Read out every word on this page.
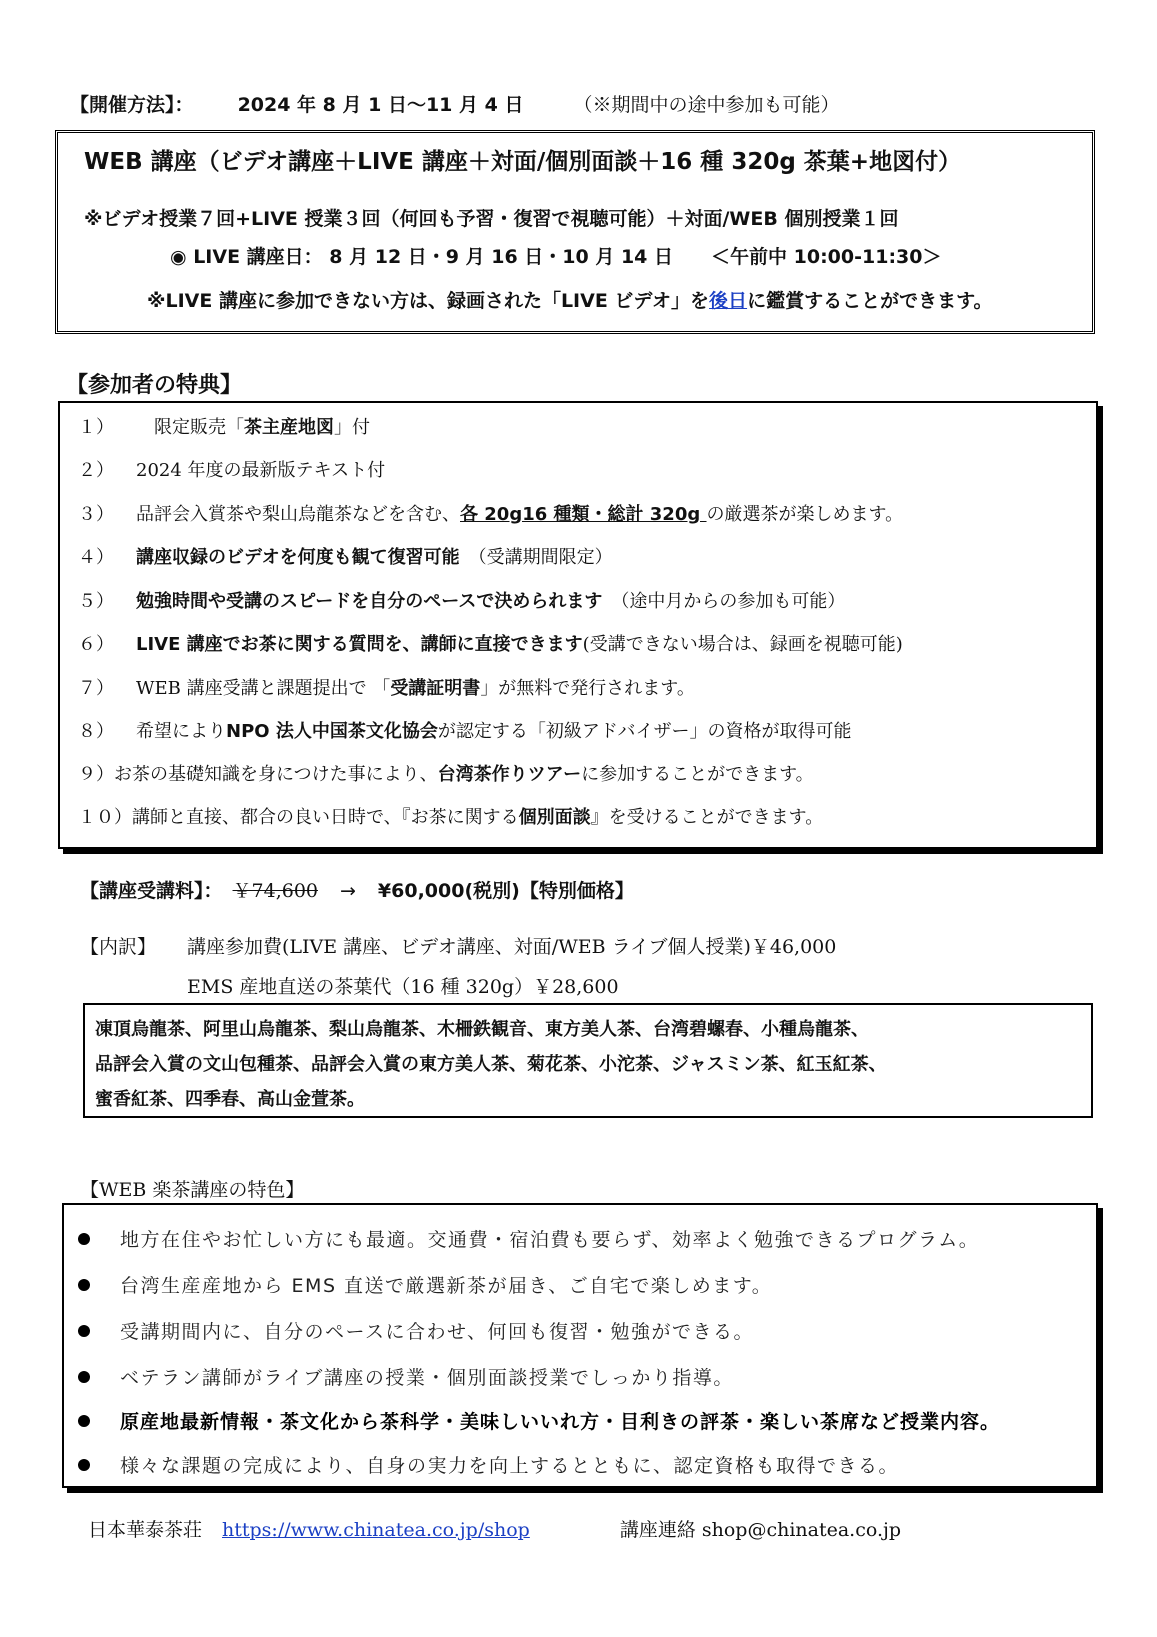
【開催方法】： 2024 年 8 月 1 日～11 月 4 日	（※期間中の途中参加も可能）
WEB 講座（ビデオ講座＋LIVE 講座＋対面/個別面談＋16 種 320g 茶葉+地図付）
※ビデオ授業７回+LIVE 授業３回（何回も予習・復習で視聴可能）＋対面/WEB 個別授業１回
◉ LIVE 講座日： 8 月 12 日・9 月 16 日・10 月 14 日　　＜午前中 10:00-11:30＞
※LIVE 講座に参加できない方は、録画された「LIVE ビデオ」を後日に鑑賞することができます。
【参加者の特典】
１）　限定販売「茶主産地図」付
２） 2024 年度の最新版テキスト付
３） 品評会入賞茶や梨山烏龍茶などを含む、各 20g16 種類・総計 320g の厳選茶が楽しめます。
４） 講座収録のビデオを何度も観て復習可能　（受講期間限定）
５） 勉強時間や受講のスピードを自分のペースで決められます　（途中月からの参加も可能）
６） LIVE 講座でお茶に関する質問を、講師に直接できます(受講できない場合は、録画を視聴可能)
７） WEB 講座受講と課題提出で 「受講証明書」が無料で発行されます。
８） 希望によりNPO 法人中国茶文化協会が認定する「初級アドバイザー」の資格が取得可能
９）お茶の基礎知識を身につけた事により、台湾茶作りツアーに参加することができます。
１０）講師と直接、都合の良い日時で、『お茶に関する個別面談』を受けることができます。
【講座受講料】： ￥74,600 → ¥60,000(税別)【特別価格】
【内訳】 講座参加費(LIVE 講座、ビデオ講座、対面/WEB ライブ個人授業)￥46,000
EMS 産地直送の茶葉代（16 種 320g）￥28,600
凍頂烏龍茶、阿里山烏龍茶、梨山烏龍茶、木柵鉄観音、東方美人茶、台湾碧螺春、小種烏龍茶、
品評会入賞の文山包種茶、品評会入賞の東方美人茶、菊花茶、小沱茶、ジャスミン茶、紅玉紅茶、
蜜香紅茶、四季春、高山金萱茶。
【WEB 楽茶講座の特色】
地方在住やお忙しい方にも最適。交通費・宿泊費も要らず、効率よく勉強できるプログラム。
台湾生産産地から EMS 直送で厳選新茶が届き、ご自宅で楽しめます。
受講期間内に、自分のペースに合わせ、何回も復習・勉強ができる。
ベテラン講師がライブ講座の授業・個別面談授業でしっかり指導。
原産地最新情報・茶文化から茶科学・美味しいいれ方・目利きの評茶・楽しい茶席など授業内容。
様々な課題の完成により、自身の実力を向上するとともに、認定資格も取得できる。
日本華泰茶荘 https://www.chinatea.co.jp/shop	講座連絡 shop@chinatea.co.jp
